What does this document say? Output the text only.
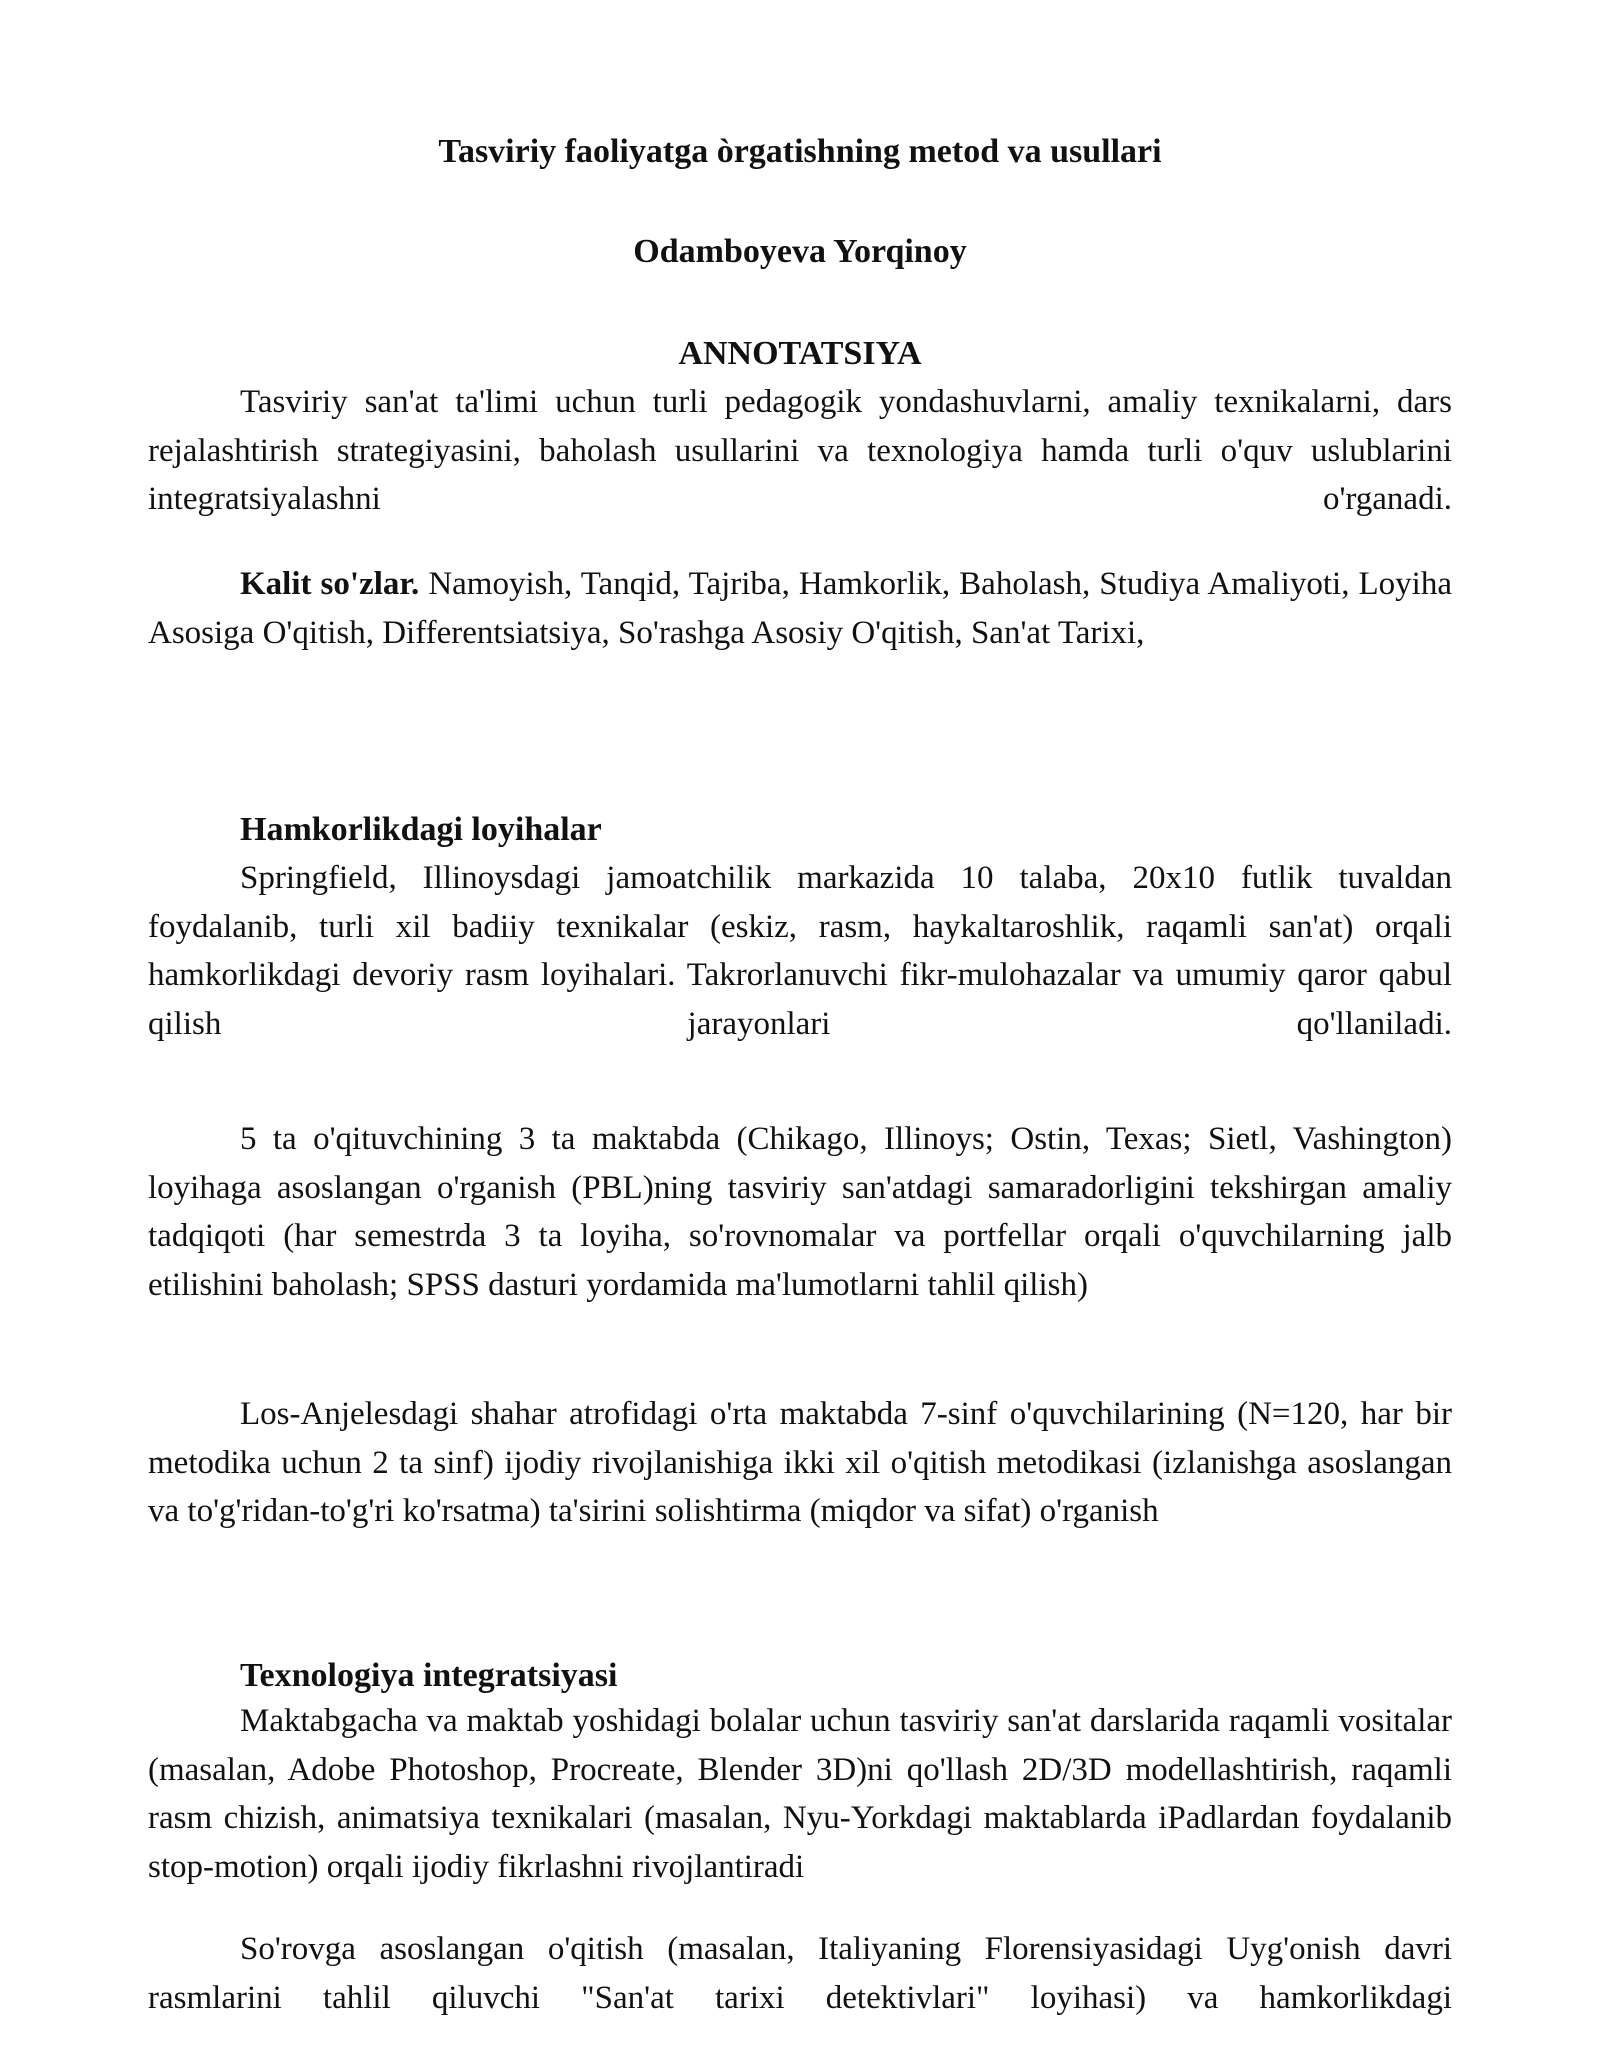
Tasviriy faoliyatga òrgatishning metod va usullari
Odamboyeva Yorqinoy
ANNOTATSIYA
Tasviriy san'at ta'limi uchun turli pedagogik yondashuvlarni, amaliy texnikalarni, dars rejalashtirish strategiyasini, baholash usullarini va texnologiya hamda turli o'quv uslublarini integratsiyalashni o'rganadi.
Kalit so'zlar. Namoyish, Tanqid, Tajriba, Hamkorlik, Baholash, Studiya Amaliyoti, Loyiha Asosiga O'qitish, Differentsiatsiya, So'rashga Asosiy O'qitish, San'at Tarixi,
Hamkorlikdagi loyihalar
Springfield, Illinoysdagi jamoatchilik markazida 10 talaba, 20x10 futlik tuvaldan foydalanib, turli xil badiiy texnikalar (eskiz, rasm, haykaltaroshlik, raqamli san'at) orqali hamkorlikdagi devoriy rasm loyihalari. Takrorlanuvchi fikr-mulohazalar va umumiy qaror qabul qilish jarayonlari qo'llaniladi.
5 ta o'qituvchining 3 ta maktabda (Chikago, Illinoys; Ostin, Texas; Sietl, Vashington) loyihaga asoslangan o'rganish (PBL)ning tasviriy san'atdagi samaradorligini tekshirgan amaliy tadqiqoti (har semestrda 3 ta loyiha, so'rovnomalar va portfellar orqali o'quvchilarning jalb etilishini baholash; SPSS dasturi yordamida ma'lumotlarni tahlil qilish)
Los-Anjelesdagi shahar atrofidagi o'rta maktabda 7-sinf o'quvchilarining (N=120, har bir metodika uchun 2 ta sinf) ijodiy rivojlanishiga ikki xil o'qitish metodikasi (izlanishga asoslangan va to'g'ridan-to'g'ri ko'rsatma) ta'sirini solishtirma (miqdor va sifat) o'rganish
Texnologiya integratsiyasi
Maktabgacha va maktab yoshidagi bolalar uchun tasviriy san'at darslarida raqamli vositalar (masalan, Adobe Photoshop, Procreate, Blender 3D)ni qo'llash 2D/3D modellashtirish, raqamli rasm chizish, animatsiya texnikalari (masalan, Nyu-Yorkdagi maktablarda iPadlardan foydalanib stop-motion) orqali ijodiy fikrlashni rivojlantiradi
So'rovga asoslangan o'qitish (masalan, Italiyaning Florensiyasidagi Uyg'onish davri rasmlarini tahlil qiluvchi "San'at tarixi detektivlari" loyihasi) va hamkorlikdagi
